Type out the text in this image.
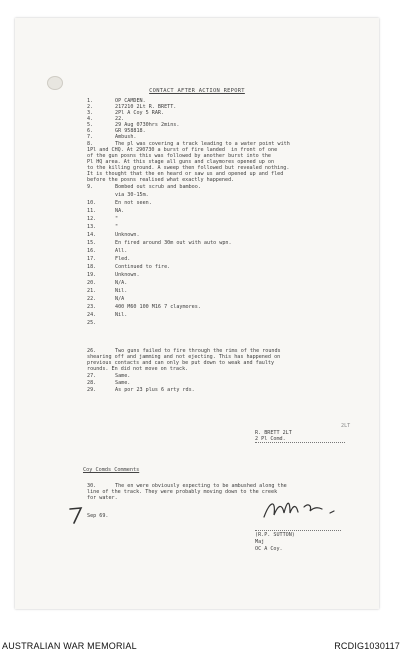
CONTACT AFTER ACTION REPORT
1.	OP CAMDEN.
2.	217210 2Lt R. BRETT.
3.	2Pl A Coy 5 RAR.
4.	22.
5.	29 Aug 0730hrs 2mins.
6.	GR 958818.
7.	Ambush.
8.	The pl was covering a track leading to a water point with
1Pl and CHQ. At 290730 a burst of fire landed  in front of one
of the gun posns this was followed by another burst into the
Pl HQ area. At this stage all guns and claymores opened up on
to the killing ground. A sweep then followed but revealed nothing.
It is thought that the en heard or saw us and opened up and fled
before the posns realised what exactly happened.
9.	Bombed out scrub and bamboo.
via 30-15m.
10.	En not seen.
11.	NA.
12.	"
13.	"
14.	Unknown.
15.	En fired around 30m out with auto wpn.
16.	All.
17.	Fled.
18.	Continued to fire.
19.	Unknown.
20.	N/A.
21.	Nil.
22.	N/A
23.	400 M60 100 M16 7 claymores.
24.	Nil.
25.
26.	Two guns failed to fire through the rims of the rounds
shearing off and jamming and not ejecting. This has happened on
previous contacts and can only be put down to weak and faulty
rounds. En did not move on track.
27.	Same.
28.	Same.
29.	As por 23 plus 6 arty rds.
2LT
R. BRETT 2LT
2 Pl Comd.
Coy Comds Comments
30.	The en were obviously expecting to be ambushed along the
line of the track. They were probably moving down to the creek
for water.
Sep 69.
(R.P. SUTTON)
Maj
OC A Coy.
AUSTRALIAN WAR MEMORIAL	RCDIG1030117
